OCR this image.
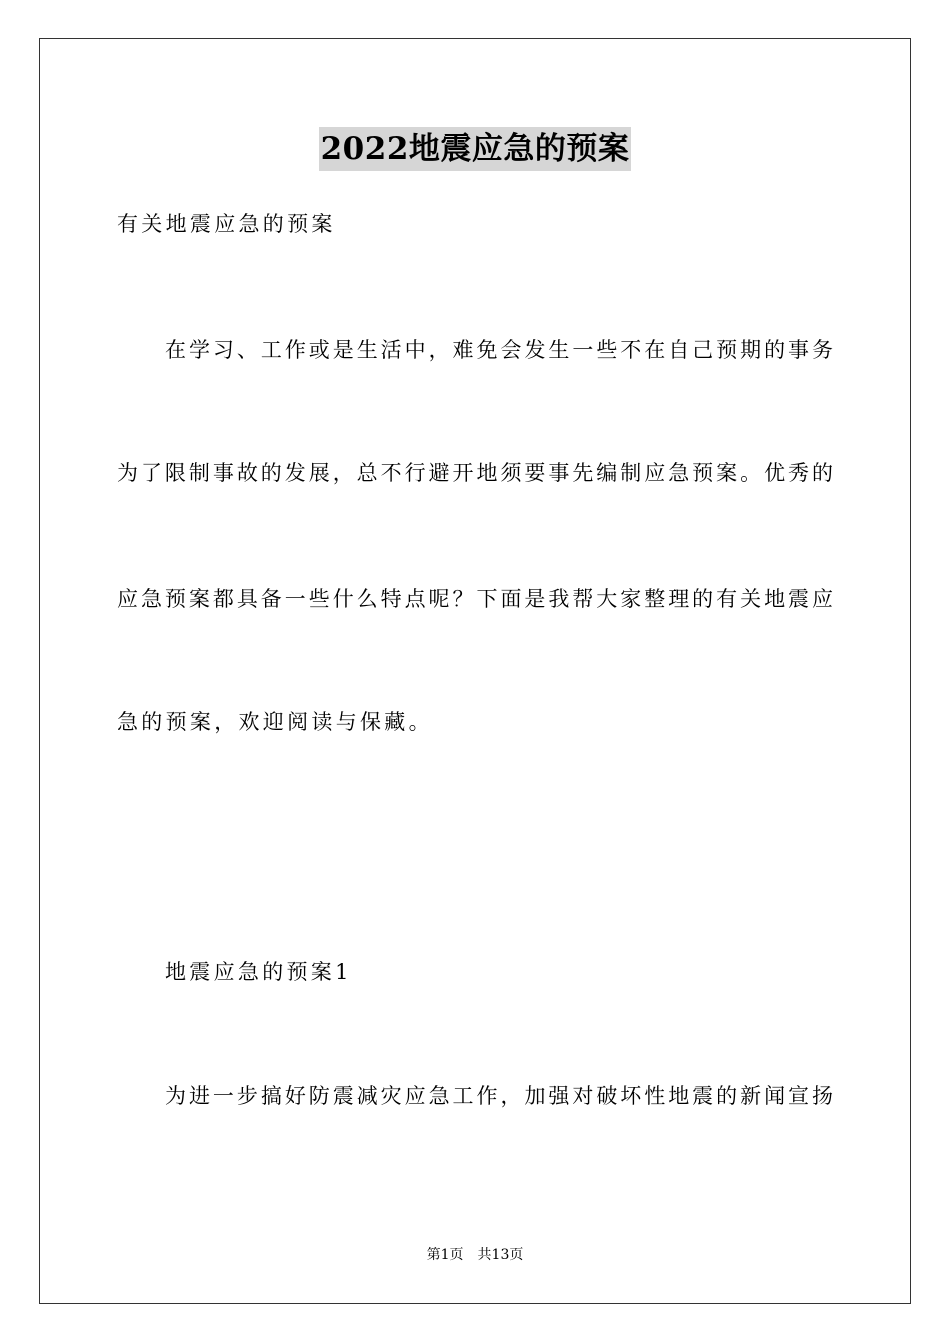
2022地震应急的预案
有关地震应急的预案
在学习、工作或是生活中，难免会发生一些不在自己预期的事务
为了限制事故的发展，总不行避开地须要事先编制应急预案。优秀的
应急预案都具备一些什么特点呢？下面是我帮大家整理的有关地震应
急的预案，欢迎阅读与保藏。
地震应急的预案1
为进一步搞好防震减灾应急工作，加强对破坏性地震的新闻宣扬
第1页　共13页
